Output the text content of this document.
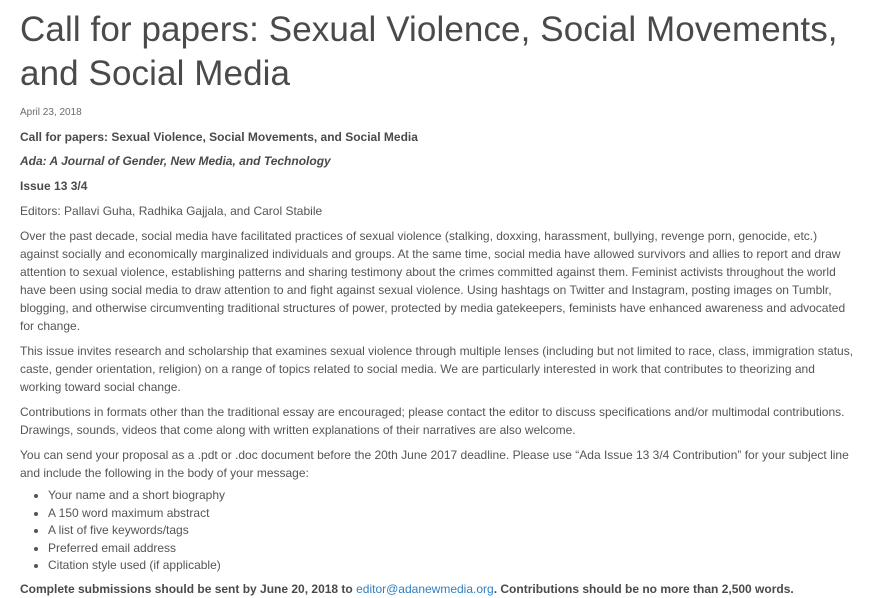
Call for papers: Sexual Violence, Social Movements, and Social Media
April 23, 2018

Call for papers: Sexual Violence, Social Movements, and Social Media

Ada: A Journal of Gender, New Media, and Technology

Issue 13 3/4

Editors: Pallavi Guha, Radhika Gajjala, and Carol Stabile

Over the past decade, social media have facilitated practices of sexual violence (stalking, doxxing, harassment, bullying, revenge porn, genocide, etc.) against socially and economically marginalized individuals and groups. At the same time, social media have allowed survivors and allies to report and draw attention to sexual violence, establishing patterns and sharing testimony about the crimes committed against them. Feminist activists throughout the world have been using social media to draw attention to and fight against sexual violence. Using hashtags on Twitter and Instagram, posting images on Tumblr, blogging, and otherwise circumventing traditional structures of power, protected by media gatekeepers, feminists have enhanced awareness and advocated for change.

This issue invites research and scholarship that examines sexual violence through multiple lenses (including but not limited to race, class, immigration status, caste, gender orientation, religion) on a range of topics related to social media. We are particularly interested in work that contributes to theorizing and working toward social change.

Contributions in formats other than the traditional essay are encouraged; please contact the editor to discuss specifications and/or multimodal contributions. Drawings, sounds, videos that come along with written explanations of their narratives are also welcome.

You can send your proposal as a .pdt or .doc document before the 20th June 2017 deadline. Please use “Ada Issue 13 3/4 Contribution” for your subject line and include the following in the body of your message:

• Your name and a short biography
• A 150 word maximum abstract
• A list of five keywords/tags
• Preferred email address
• Citation style used (if applicable)

Complete submissions should be sent by June 20, 2018 to editor@adanewmedia.org. Contributions should be no more than 2,500 words.
